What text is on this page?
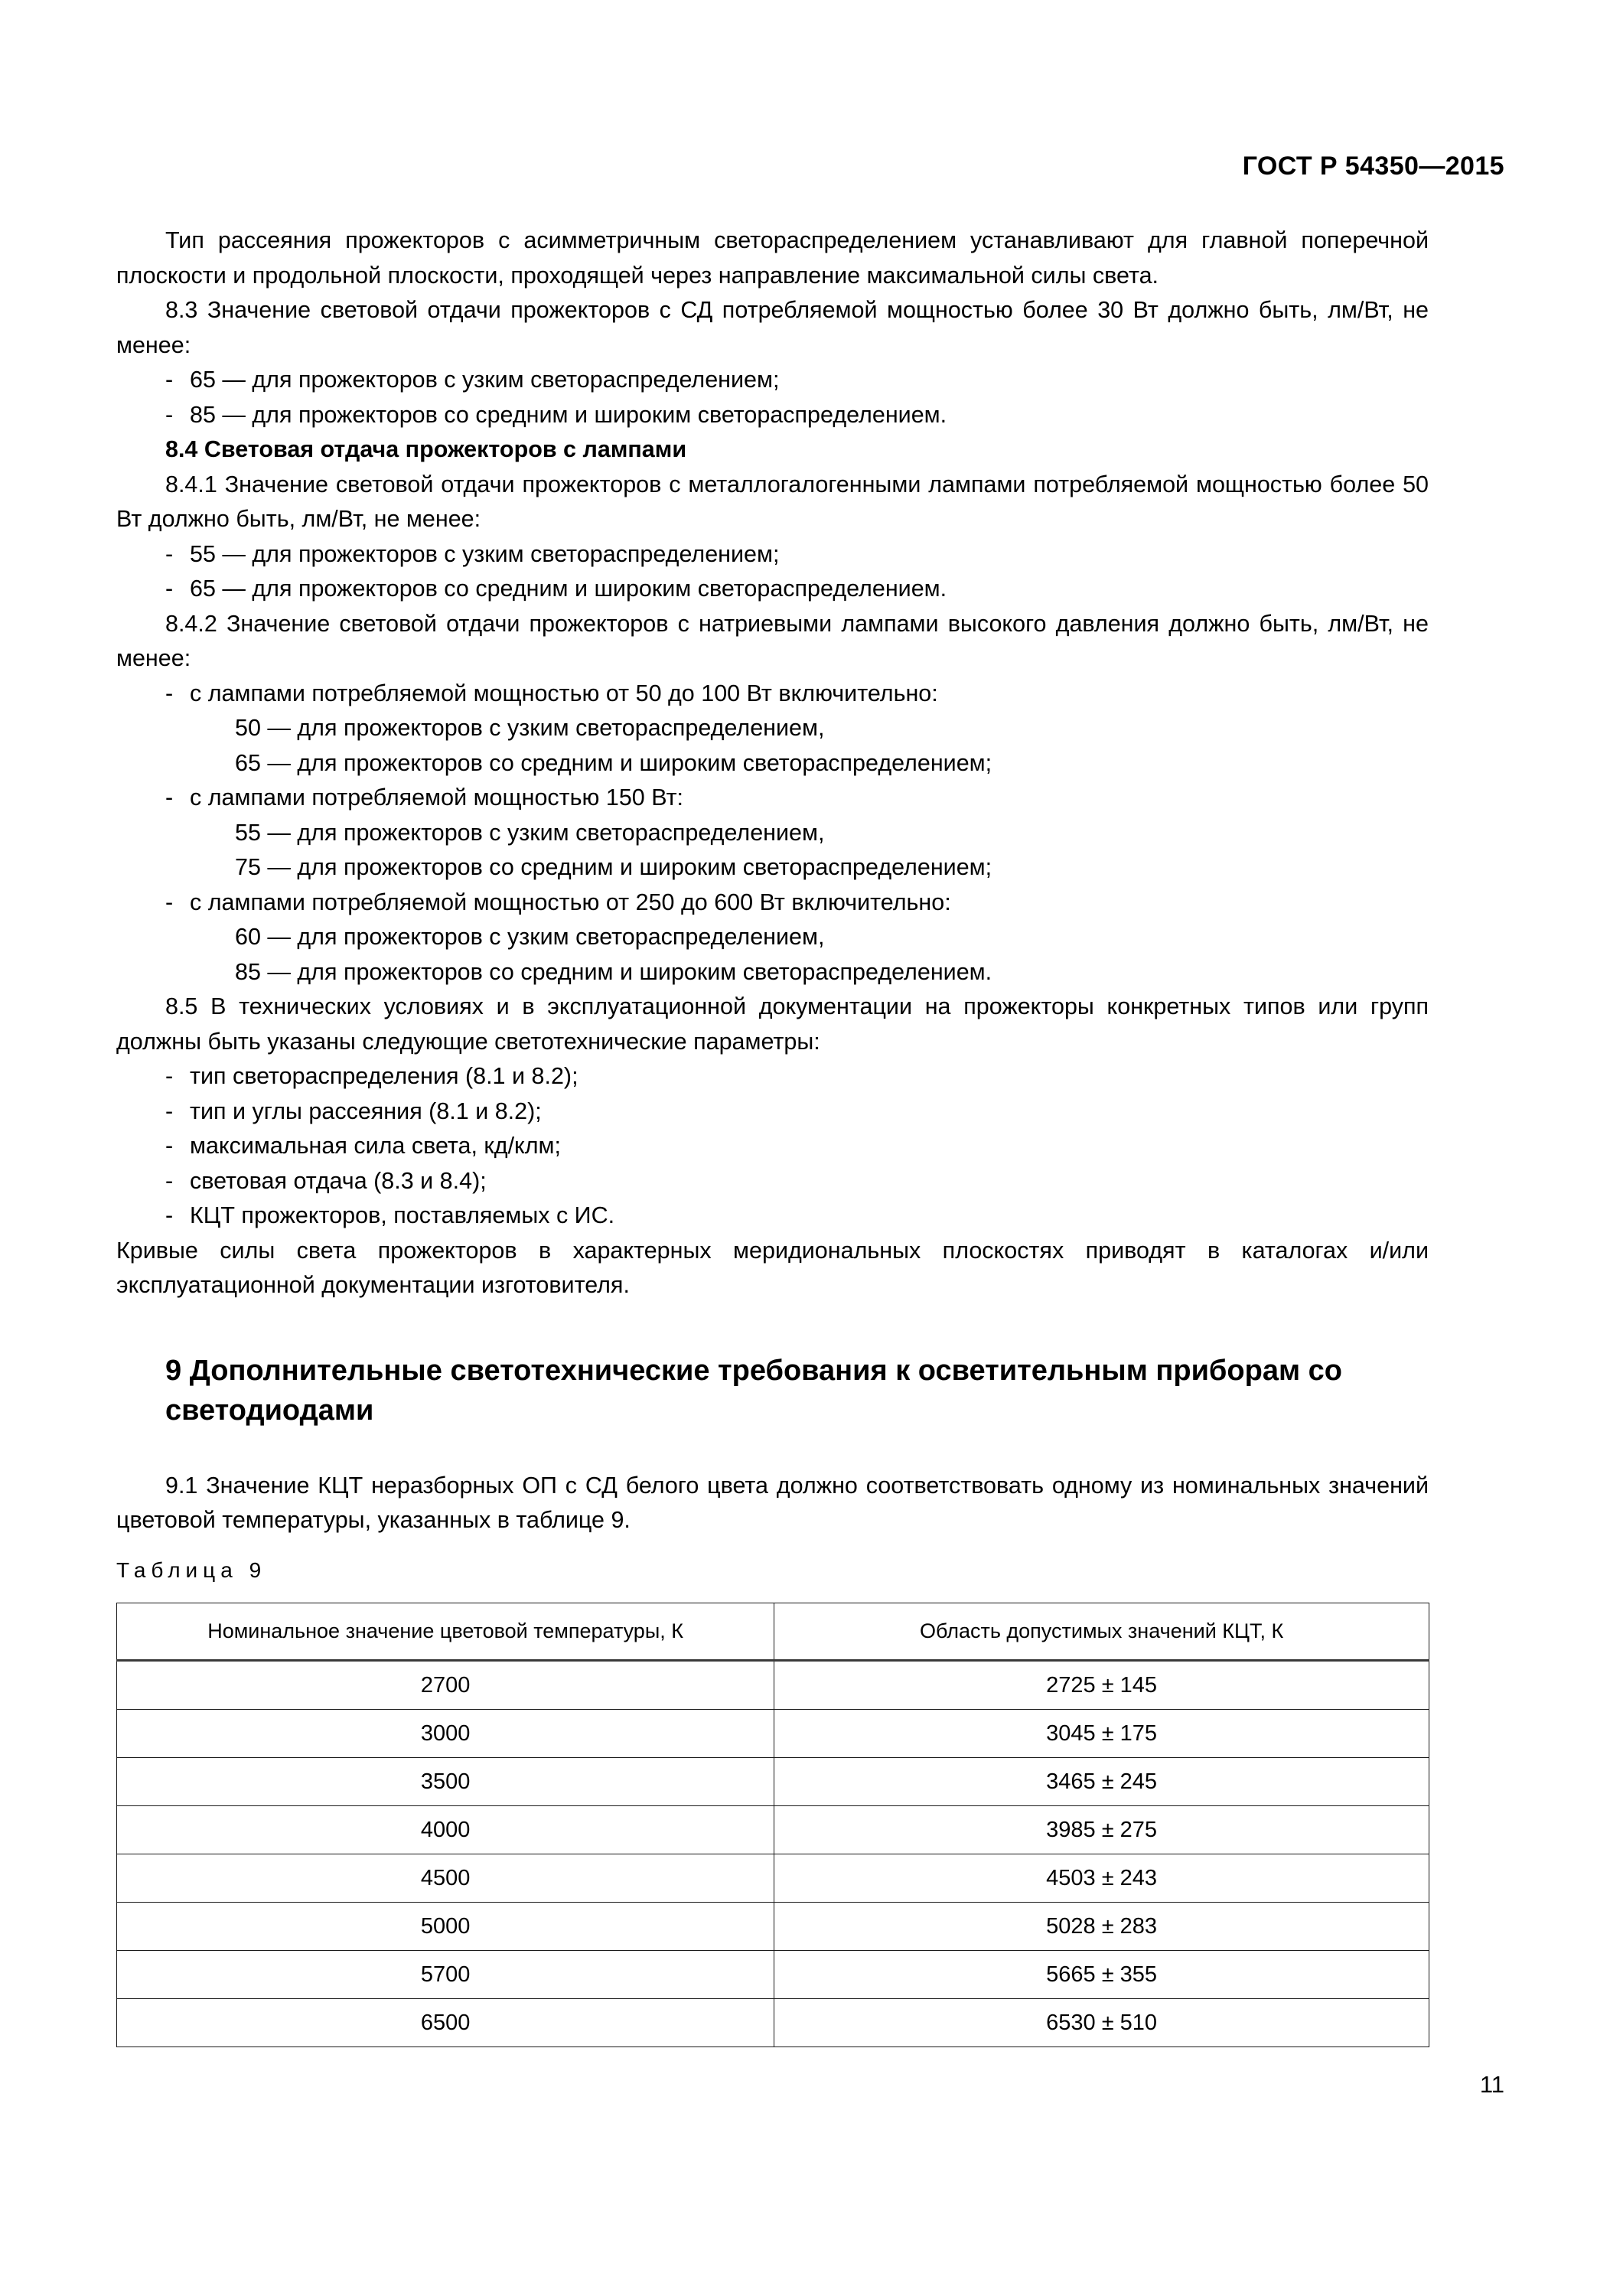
ГОСТ Р 54350—2015

Тип рассеяния прожекторов с асимметричным светораспределением устанавливают для главной поперечной плоскости и продольной плоскости, проходящей через направление максимальной силы света.

8.3 Значение световой отдачи прожекторов с СД потребляемой мощностью более 30 Вт должно быть, лм/Вт, не менее:

- 65 — для прожекторов с узким светораспределением;

- 85 — для прожекторов со средним и широким светораспределением.

8.4 Световая отдача прожекторов с лампами

8.4.1 Значение световой отдачи прожекторов с металлогалогенными лампами потребляемой мощностью более 50 Вт должно быть, лм/Вт, не менее:

- 55 — для прожекторов с узким светораспределением;

- 65 — для прожекторов со средним и широким светораспределением.

8.4.2 Значение световой отдачи прожекторов с натриевыми лампами высокого давления должно быть, лм/Вт, не менее:

- с лампами потребляемой мощностью от 50 до 100 Вт включительно:

50 — для прожекторов с узким светораспределением,

65 — для прожекторов со средним и широким светораспределением;

- с лампами потребляемой мощностью 150 Вт:

55 — для прожекторов с узким светораспределением,

75 — для прожекторов со средним и широким светораспределением;

- с лампами потребляемой мощностью от 250 до 600 Вт включительно:

60 — для прожекторов с узким светораспределением,

85 — для прожекторов со средним и широким светораспределением.

8.5 В технических условиях и в эксплуатационной документации на прожекторы конкретных типов или групп должны быть указаны следующие светотехнические параметры:

- тип светораспределения (8.1 и 8.2);

- тип и углы рассеяния (8.1 и 8.2);

- максимальная сила света, кд/клм;

- световая отдача (8.3 и 8.4);

- КЦТ прожекторов, поставляемых с ИС.

Кривые силы света прожекторов в характерных меридиональных плоскостях приводят в каталогах и/или эксплуатационной документации изготовителя.

9 Дополнительные светотехнические требования к осветительным приборам со светодиодами

9.1 Значение КЦТ неразборных ОП с СД белого цвета должно соответствовать одному из номинальных значений цветовой температуры, указанных в таблице 9.

Таблица 9
Номинальное значение цветовой температуры, К	Область допустимых значений КЦТ, К
2700	2725 ± 145
3000	3045 ± 175
3500	3465 ± 245
4000	3985 ± 275
4500	4503 ± 243
5000	5028 ± 283
5700	5665 ± 355
6500	6530 ± 510
11
